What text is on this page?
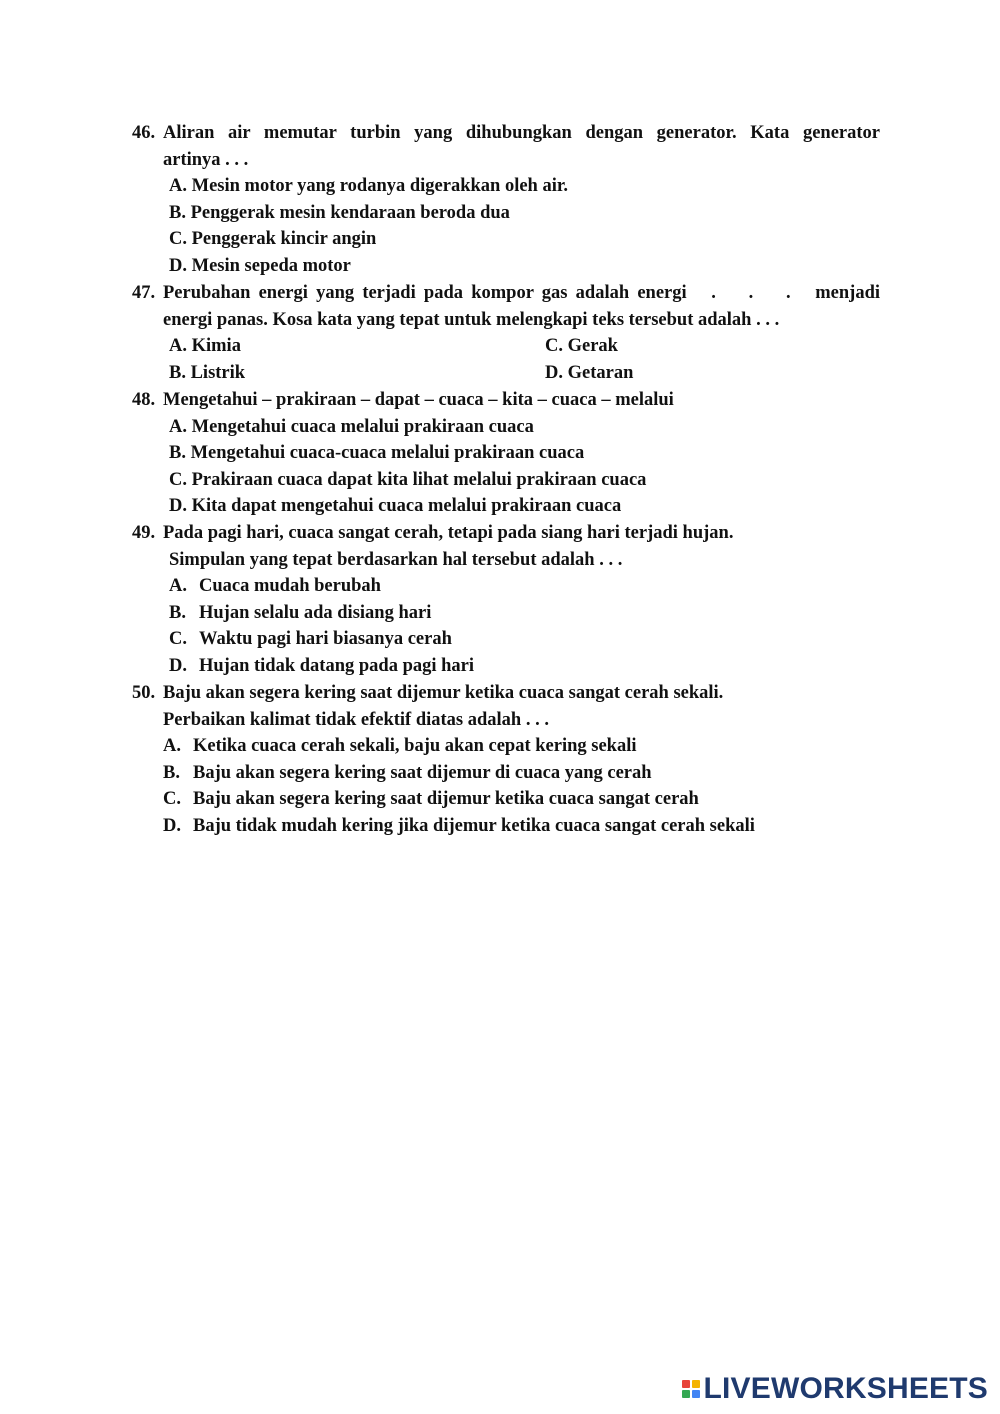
46. Aliran air memutar turbin yang dihubungkan dengan generator. Kata generator
artinya . . .
A. Mesin motor yang rodanya digerakkan oleh air.
B. Penggerak mesin kendaraan beroda dua
C. Penggerak kincir angin
D. Mesin sepeda motor
47. Perubahan energi yang terjadi pada kompor gas adalah energi   .    .    .   menjadi
energi panas. Kosa kata yang tepat untuk melengkapi teks tersebut adalah . . .
A. Kimia	C. Gerak
B. Listrik	D. Getaran
48. Mengetahui – prakiraan – dapat – cuaca – kita – cuaca – melalui
A. Mengetahui cuaca melalui prakiraan cuaca
B. Mengetahui cuaca-cuaca melalui prakiraan cuaca
C. Prakiraan cuaca dapat kita lihat melalui prakiraan cuaca
D. Kita dapat mengetahui cuaca melalui prakiraan cuaca
49. Pada pagi hari, cuaca sangat cerah, tetapi pada siang hari terjadi hujan.
Simpulan yang tepat berdasarkan hal tersebut adalah . . .
A. Cuaca mudah berubah
B. Hujan selalu ada disiang hari
C. Waktu pagi hari biasanya cerah
D. Hujan tidak datang pada pagi hari
50. Baju akan segera kering saat dijemur ketika cuaca sangat cerah sekali.
Perbaikan kalimat tidak efektif diatas adalah . . .
A. Ketika cuaca cerah sekali, baju akan cepat kering sekali
B. Baju akan segera kering saat dijemur di cuaca yang cerah
C. Baju akan segera kering saat dijemur ketika cuaca sangat cerah
D. Baju tidak mudah kering jika dijemur ketika cuaca sangat cerah sekali
LIVEWORKSHEETS
